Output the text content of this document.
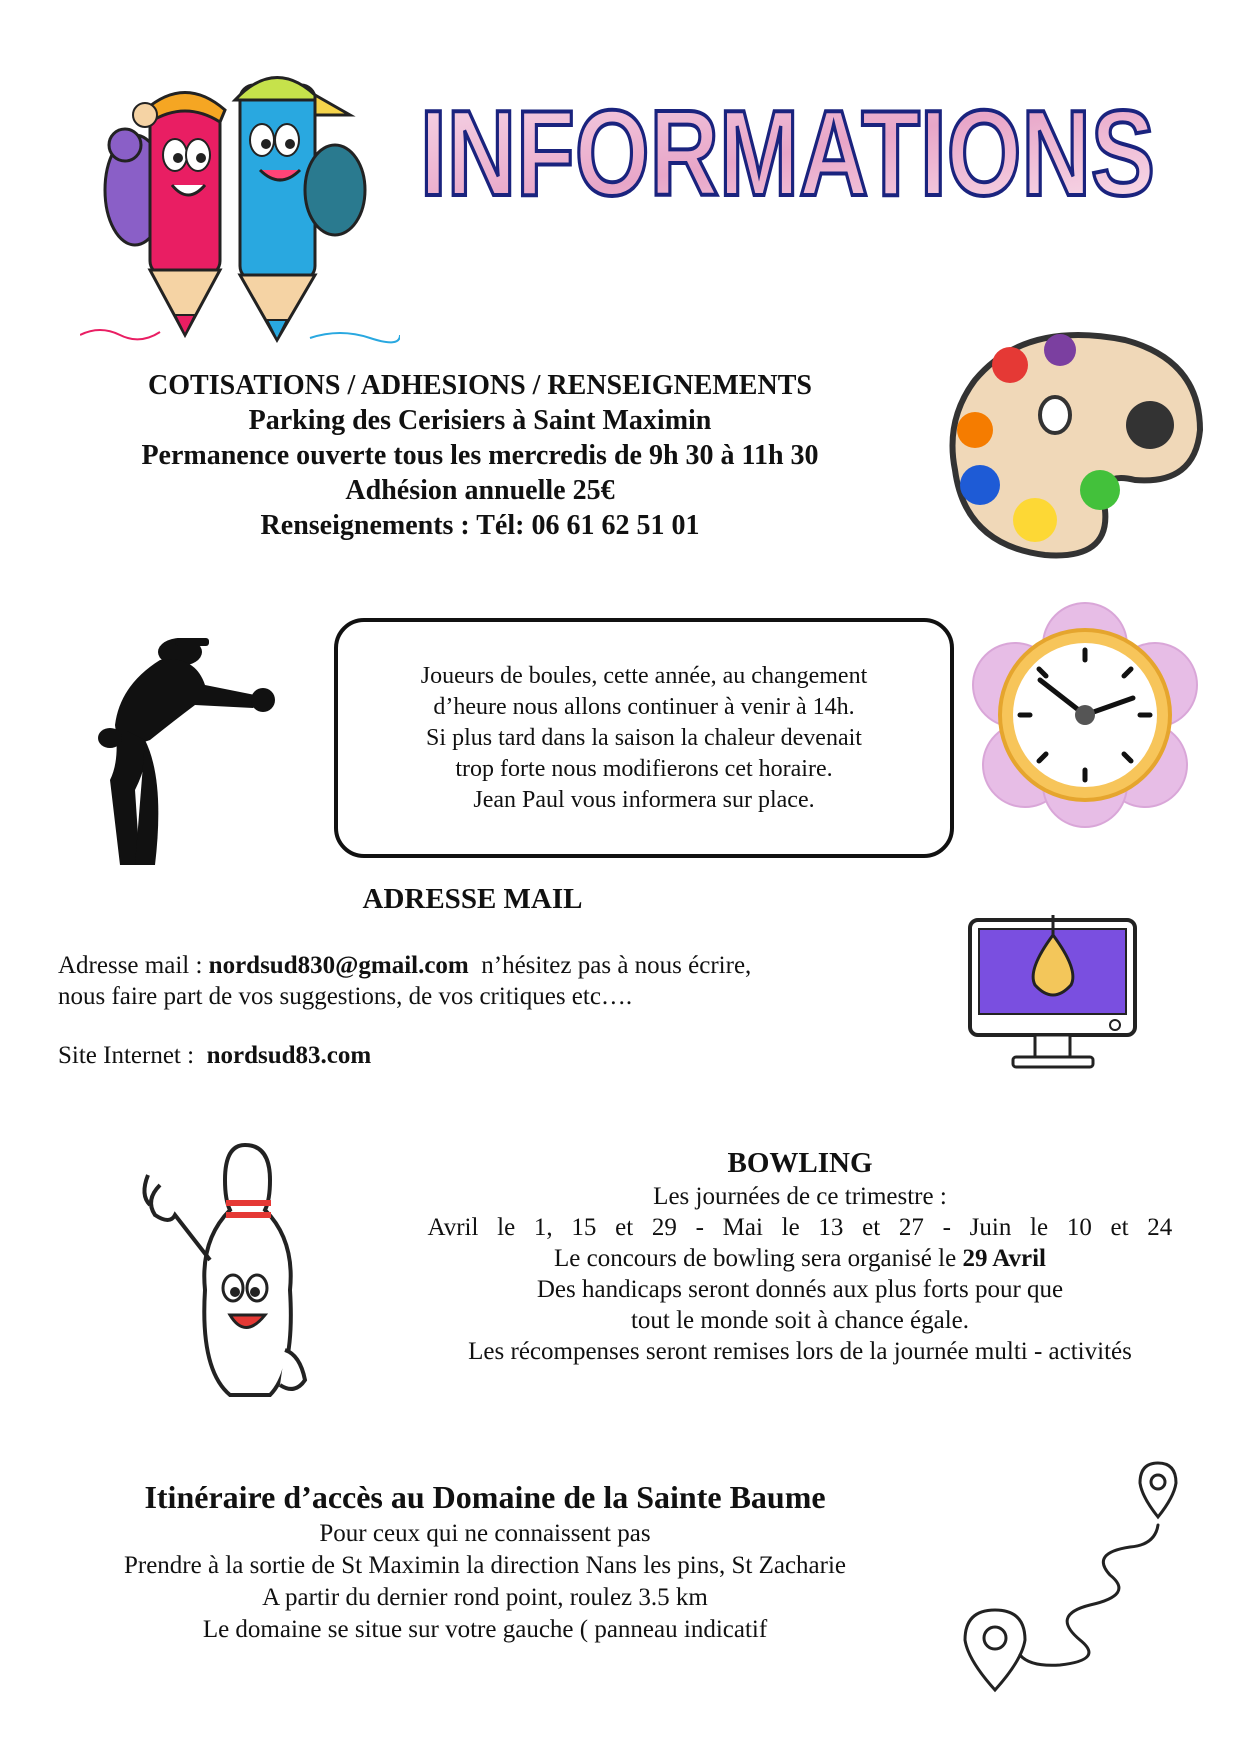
INFORMATIONS
COTISATIONS / ADHESIONS / RENSEIGNEMENTS
Parking des Cerisiers à Saint Maximin
Permanence ouverte tous les mercredis de 9h 30 à 11h 30
Adhésion annuelle 25€
Renseignements : Tél: 06 61 62 51 01
Joueurs de boules, cette année, au changement
d’heure nous allons continuer à venir à 14h.
Si plus tard dans la saison la chaleur devenait
trop forte nous modifierons cet horaire.
Jean Paul vous informera sur place.
ADRESSE MAIL
Adresse mail : nordsud830@gmail.com  n’hésitez pas à nous écrire,
nous faire part de vos suggestions, de vos critiques etc….
Site Internet :  nordsud83.com
BOWLING
Les journées de ce trimestre :
Avril le 1, 15 et 29 - Mai le 13 et 27 - Juin le 10 et 24
Le concours de bowling sera organisé le 29 Avril
Des handicaps seront donnés aux plus forts pour que
tout le monde soit à chance égale.
Les récompenses seront remises lors de la journée multi - activités
Itinéraire d’accès au Domaine de la Sainte Baume
Pour ceux qui ne connaissent pas
Prendre à la sortie de St Maximin la direction Nans les pins, St Zacharie
A partir du dernier rond point, roulez 3.5 km
Le domaine se situe sur votre gauche ( panneau indicatif
